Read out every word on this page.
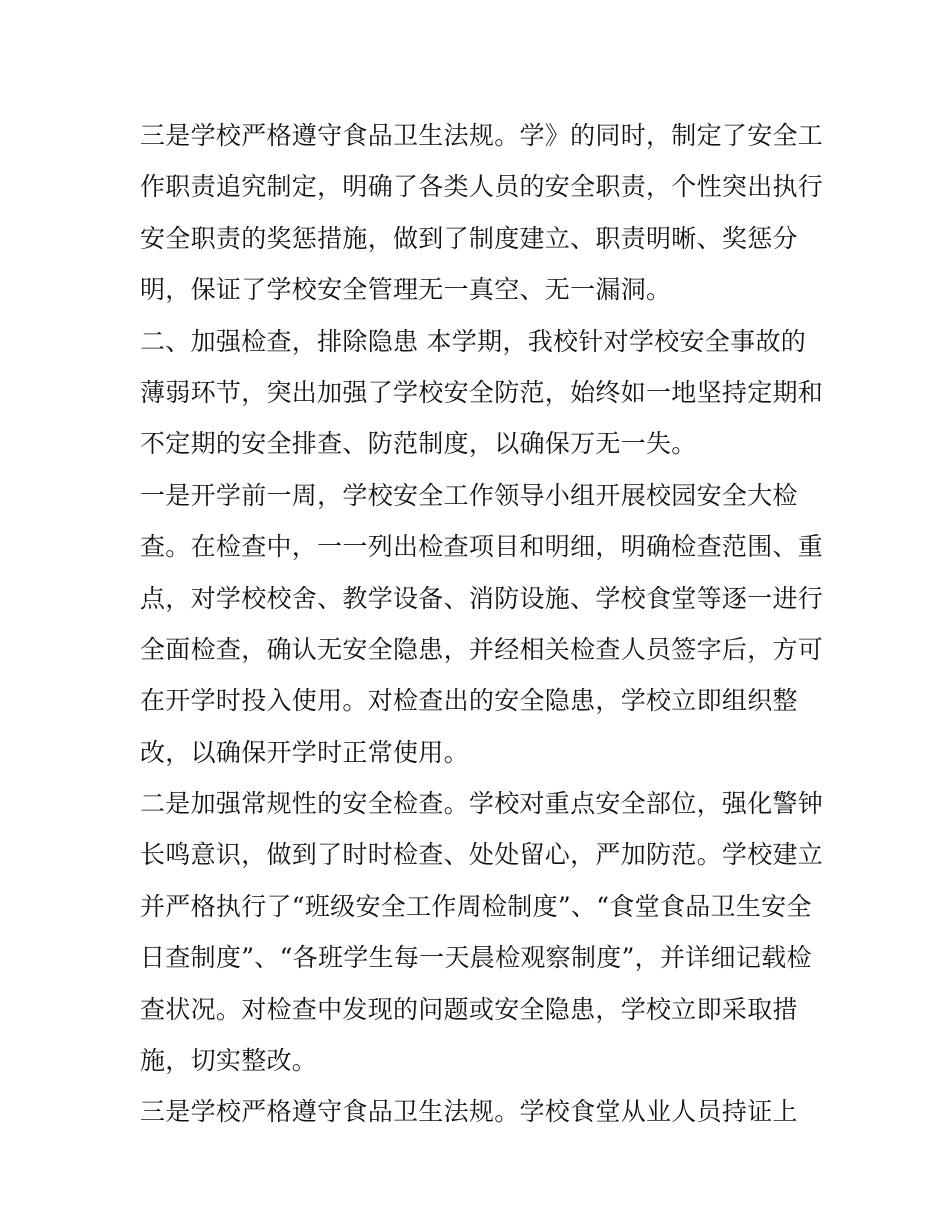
三是学校严格遵守食品卫生法规。学》的同时，制定了安全工
作职责追究制定，明确了各类人员的安全职责，个性突出执行
安全职责的奖惩措施，做到了制度建立、职责明晰、奖惩分
明，保证了学校安全管理无一真空、无一漏洞。
二、加强检查，排除隐患 本学期，我校针对学校安全事故的
薄弱环节，突出加强了学校安全防范，始终如一地坚持定期和
不定期的安全排查、防范制度，以确保万无一失。
一是开学前一周，学校安全工作领导小组开展校园安全大检
查。在检查中，一一列出检查项目和明细，明确检查范围、重
点，对学校校舍、教学设备、消防设施、学校食堂等逐一进行
全面检查，确认无安全隐患，并经相关检查人员签字后，方可
在开学时投入使用。对检查出的安全隐患，学校立即组织整
改，以确保开学时正常使用。
二是加强常规性的安全检查。学校对重点安全部位，强化警钟
长鸣意识，做到了时时检查、处处留心，严加防范。学校建立
并严格执行了“班级安全工作周检制度”、“食堂食品卫生安全
日查制度”、“各班学生每一天晨检观察制度”，并详细记载检
查状况。对检查中发现的问题或安全隐患，学校立即采取措
施，切实整改。
三是学校严格遵守食品卫生法规。学校食堂从业人员持证上
